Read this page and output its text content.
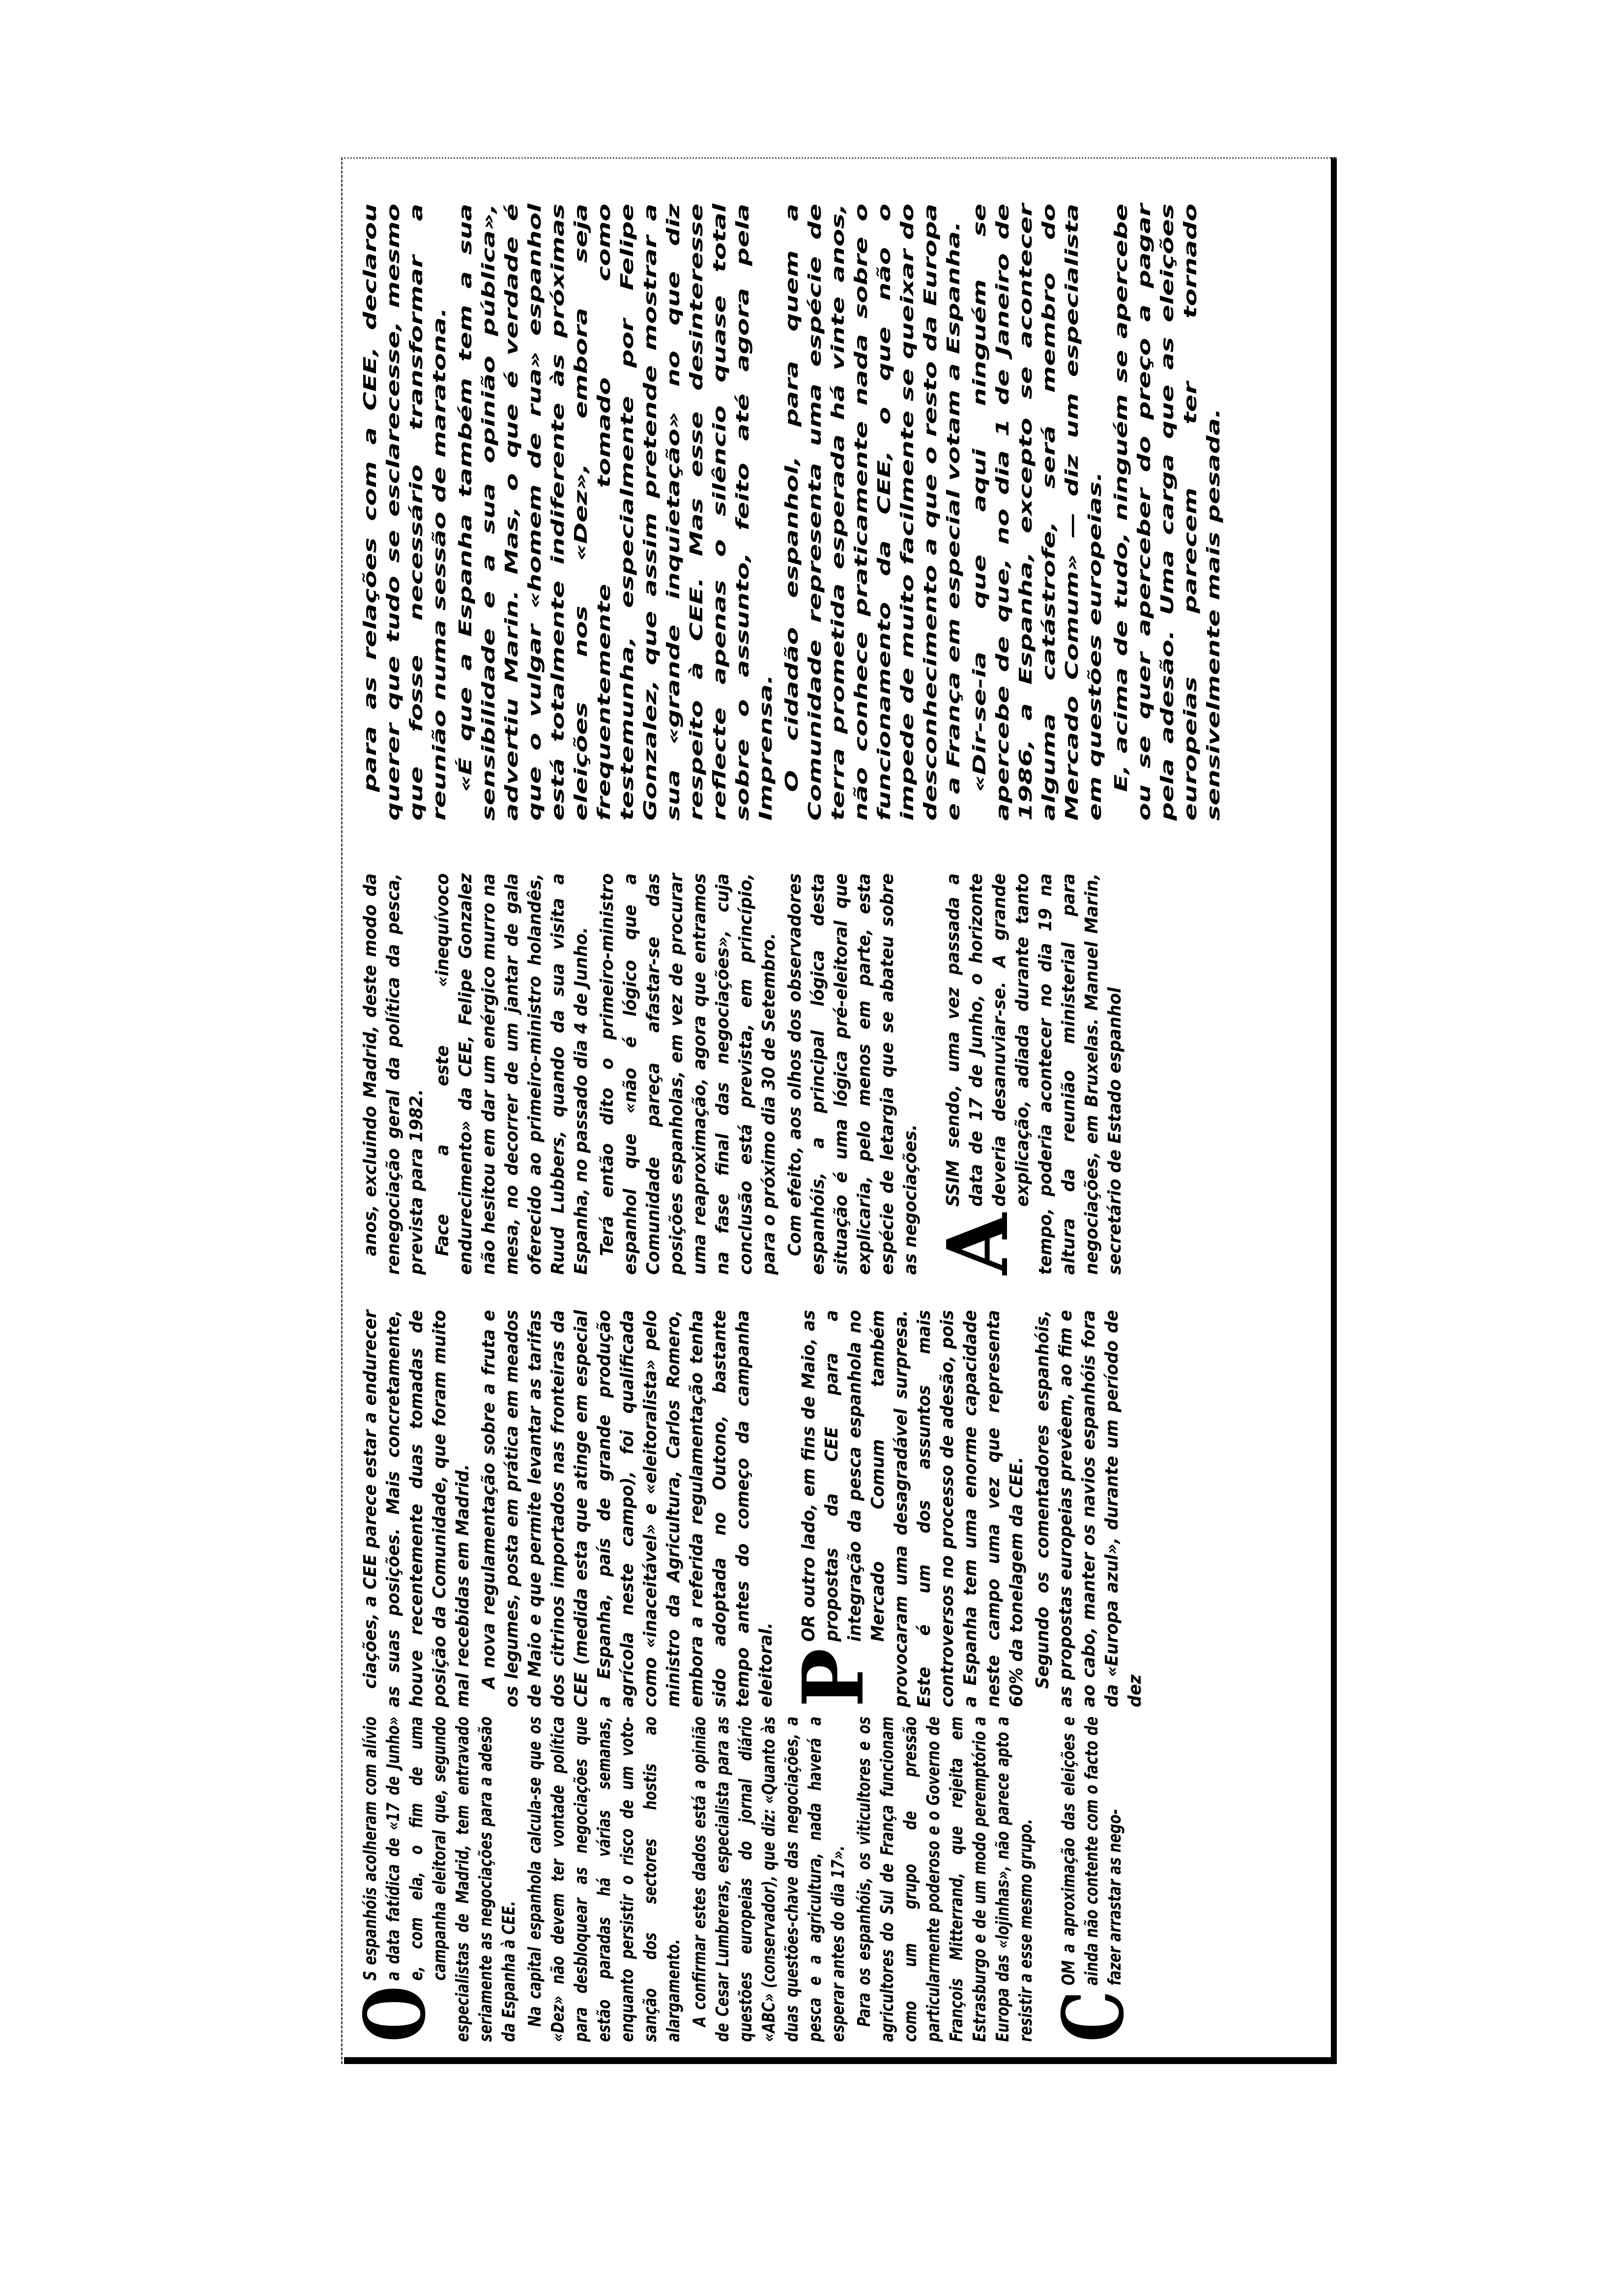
O
S espanhóis acolheram com alívio a data fatídica de «17 de Junho» e, com ela, o fim de uma campanha eleitoral que, segundo especialistas de Madrid, tem entravado seriamente as negociações para a adesão da Espanha à CEE. Na capital espanhola calcula-se que os «Dez» não devem ter vontade política para desbloquear as negociações que estão paradas há várias semanas, enquanto persistir o risco de um voto-sanção dos sectores hostis ao alargamento. A confirmar estes dados está a opinião de Cesar Lumbreras, especialista para as questões europeias do jornal diário «ABC» (conservador), que diz: «Quanto às duas questões-chave das negociações, a pesca e a agricultura, nada haverá a esperar antes do dia 17». Para os espanhóis, os viticultores e os agricultores do Sul de França funcionam como um grupo de pressão particularmente poderoso e o Governo de François Mitterrand, que rejeita em Estrasburgo e de um modo peremptório a Europa das «lojinhas», não parece apto a resistir a esse mesmo grupo. C
OM a aproximação das eleições e ainda não contente com o facto de fazer arrastar as nego-

ciações, a CEE parece estar a endurecer as suas posições. Mais concretamente, houve recentemente duas tomadas de posição da Comunidade, que foram muito mal recebidas em Madrid. A nova regulamentação sobre a fruta e os legumes, posta em prática em meados de Maio e que permite levantar as tarifas dos citrinos importados nas fronteiras da CEE (medida esta que atinge em especial a Espanha, país de grande produção agrícola neste campo), foi qualificada como «inaceitável» e «eleitoralista» pelo ministro da Agricultura, Carlos Romero, embora a referida regulamentação tenha sido adoptada no Outono, bastante tempo antes do começo da campanha eleitoral. P
OR outro lado, em fins de Maio, as propostas da CEE para a integração da pesca espanhola no Mercado Comum também provocaram uma desagradável surpresa. Este é um dos assuntos mais controversos no processo de adesão, pois a Espanha tem uma enorme capacidade neste campo uma vez que representa 60% da tonelagem da CEE. Segundo os comentadores espanhóis, as propostas europeias prevêem, ao fim e ao cabo, manter os navios espanhóis fora da «Europa azul», durante um período de dez

anos, excluindo Madrid, deste modo da renegociação geral da política da pesca, prevista para 1982. Face a este «inequívoco endurecimento» da CEE, Felipe Gonzalez não hesitou em dar um enérgico murro na mesa, no decorrer de um jantar de gala oferecido ao primeiro-ministro holandês, Ruud Lubbers, quando da sua visita a Espanha, no passado dia 4 de Junho. Terá então dito o primeiro-ministro espanhol que «não é lógico que a Comunidade pareça afastar-se das posições espanholas, em vez de procurar uma reaproximação, agora que entramos na fase final das negociações», cuja conclusão está prevista, em princípio, para o próximo dia 30 de Setembro. Com efeito, aos olhos dos observadores espanhóis, a principal lógica desta situação é uma lógica pré-eleitoral que explicaria, pelo menos em parte, esta espécie de letargia que se abateu sobre as negociações. A
SSIM sendo, uma vez passada a data de 17 de Junho, o horizonte deveria desanuviar-se. A grande explicação, adiada durante tanto tempo, poderia acontecer no dia 19 na altura da reunião ministerial para negociações, em Bruxelas. Manuel Marin, secretário de Estado espanhol

para as relações com a CEE, declarou querer que tudo se esclarecesse, mesmo que fosse necessário transformar a reunião numa sessão de maratona. «É que a Espanha também tem a sua sensibilidade e a sua opinião pública», advertiu Marin. Mas, o que é verdade é que o vulgar «homem de rua» espanhol está totalmente indiferente às próximas eleições nos «Dez», embora seja frequentemente tomado como testemunha, especialmente por Felipe Gonzalez, que assim pretende mostrar a sua «grande inquietação» no que diz respeito à CEE. Mas esse desinteresse reflecte apenas o silêncio quase total sobre o assunto, feito até agora pela Imprensa. O cidadão espanhol, para quem a Comunidade representa uma espécie de terra prometida esperada há vinte anos, não conhece praticamente nada sobre o funcionamento da CEE, o que não o impede de muito facilmente se queixar do desconhecimento a que o resto da Europa e a França em especial votam a Espanha. «Dir-se-ia que aqui ninguém se apercebe de que, no dia 1 de Janeiro de 1986, a Espanha, excepto se acontecer alguma catástrofe, será membro do Mercado Comum» — diz um especialista em questões europeias. E, acima de tudo, ninguém se apercebe ou se quer aperceber do preço a pagar pela adesão. Uma carga que as eleições europeias parecem ter tornado sensivelmente mais pesada.
